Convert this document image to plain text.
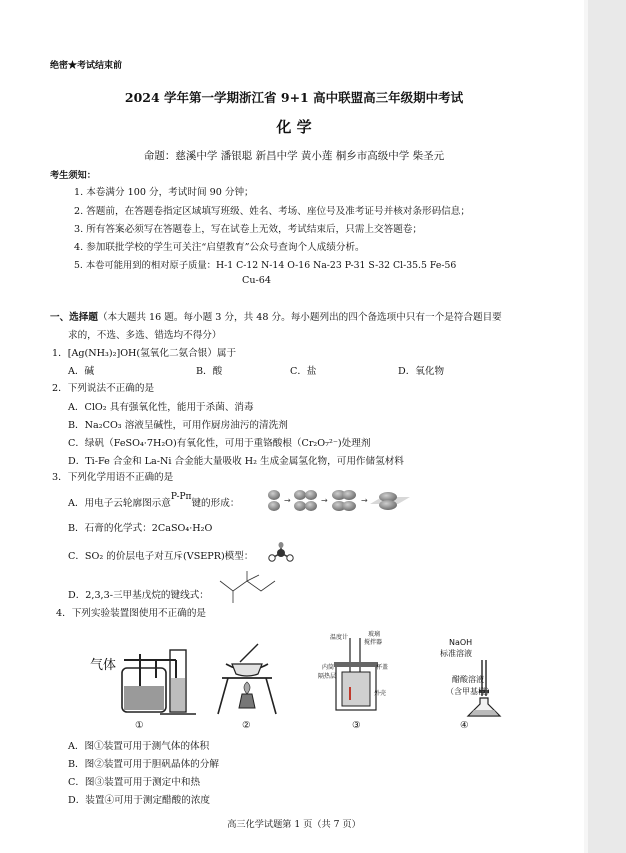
绝密★考试结束前
2024 学年第一学期浙江省 9+1 高中联盟高三年级期中考试
化 学
命题：慈溪中学 潘银聪 新昌中学 黄小莲 桐乡市高级中学 柴圣元
考生须知：
1. 本卷满分 100 分，考试时间 90 分钟；
2. 答题前，在答题卷指定区域填写班级、姓名、考场、座位号及准考证号并核对条形码信息；
3. 所有答案必须写在答题卷上，写在试卷上无效，考试结束后，只需上交答题卷；
4. 参加联批学校的学生可关注“启望教育”公众号查询个人成绩分析。
5. 本卷可能用到的相对原子质量：H-1 C-12 N-14 O-16 Na-23 P-31 S-32 Cl-35.5 Fe-56
Cu-64
一、选择题（本大题共 16 题。每小题 3 分，共 48 分。每小题列出的四个备选项中只有一个是符合题目要
求的，不选、多选、错选均不得分）
1．[Ag(NH₃)₂]OH(氢氧化二氨合银）属于
A．碱	B．酸	C．盐	D．氧化物
2．下列说法不正确的是
A．ClO₂ 具有强氧化性，能用于杀菌、消毒
B．Na₂CO₃ 溶液呈碱性，可用作厨房油污的清洗剂
C．绿矾（FeSO₄·7H₂O)有氧化性，可用于重铬酸根（Cr₂O₇²⁻)处理剂
D．Ti-Fe 合金和 La-Ni 合金能大量吸收 H₂ 生成金属氢化物，可用作储氢材料
3．下列化学用语不正确的是
A．用电子云轮廓图示意P-Pπ键的形成：	→	→	→
B．石膏的化学式：2CaSO₄·H₂O
C．SO₂ 的价层电子对互斥(VSEPR)模型：
D．2,3,3-三甲基戊烷的键线式：
4．下列实验装置图使用不正确的是
气体
温度计	玻璃
搅拌器
内筒	杯盖
隔热层
外壳
NaOH
标准溶液
醋酸溶液
（含甲基橙）
①	②	③	④
A．图①装置可用于测气体的体积
B．图②装置可用于胆矾晶体的分解
C．图③装置可用于测定中和热
D．装置④可用于测定醋酸的浓度
高三化学试题第 1 页（共 7 页）
